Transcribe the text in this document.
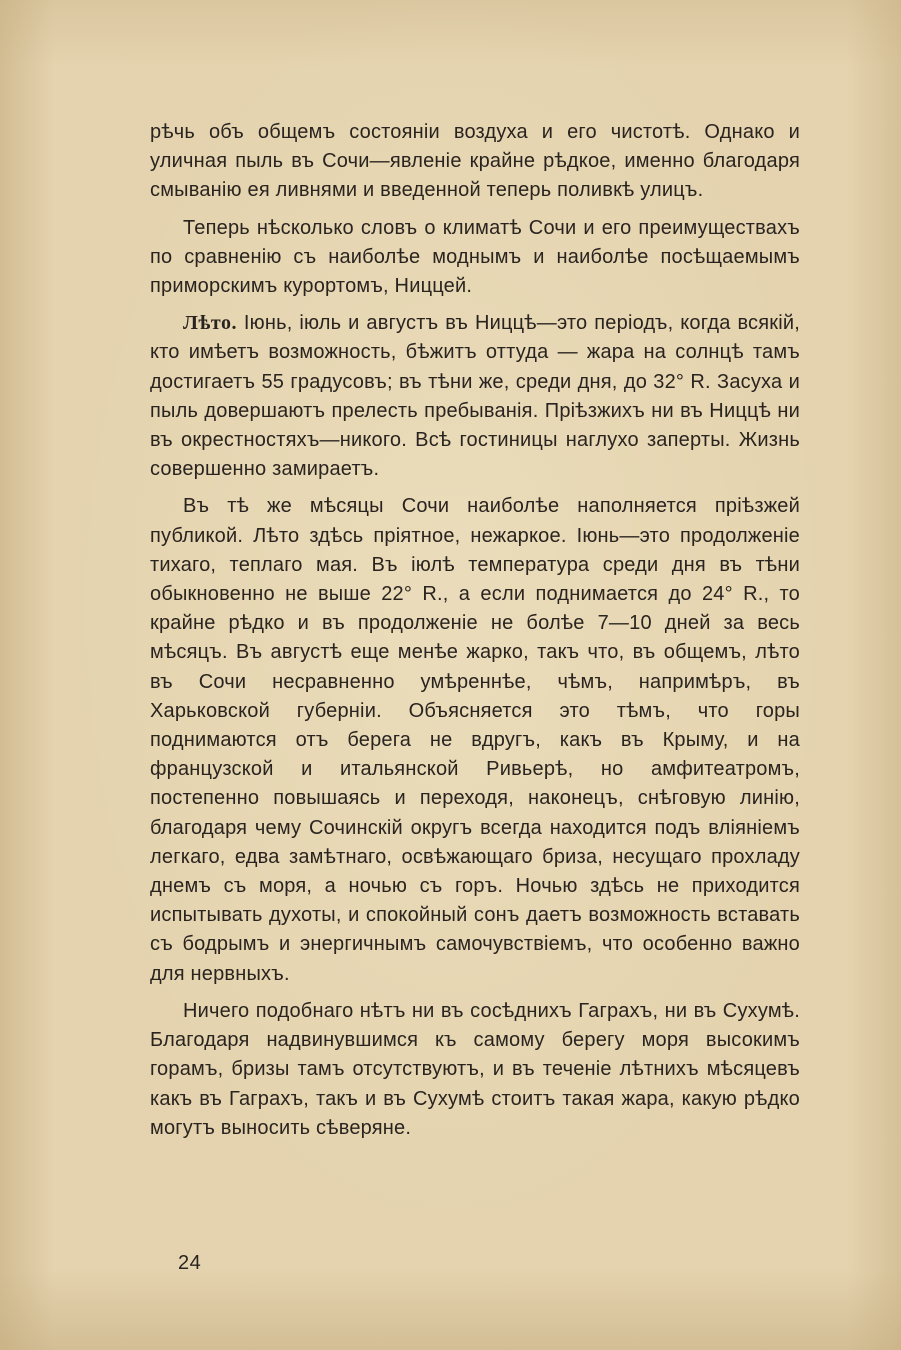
рѣчь объ общемъ состояніи воздуха и его чистотѣ. Однако и уличная пыль въ Сочи—явленіе крайне рѣдкое, именно благодаря смыванію ея ливнями и введенной теперь поливкѣ улицъ.

Теперь нѣсколько словъ о климатѣ Сочи и его преимуществахъ по сравненію съ наиболѣе моднымъ и наиболѣе посѣщаемымъ приморскимъ курортомъ, Ниццей.

Лѣто. Іюнь, іюль и августъ въ Ниццѣ—это періодъ, когда всякій, кто имѣетъ возможность, бѣжитъ оттуда — жара на солнцѣ тамъ достигаетъ 55 градусовъ; въ тѣни же, среди дня, до 32° R. Засуха и пыль довершаютъ прелесть пребыванія. Пріѣзжихъ ни въ Ниццѣ ни въ окрестностяхъ—никого. Всѣ гостиницы наглухо заперты. Жизнь совершенно замираетъ.

Въ тѣ же мѣсяцы Сочи наиболѣе наполняется пріѣзжей публикой. Лѣто здѣсь пріятное, нежаркое. Іюнь—это продолженіе тихаго, теплаго мая. Въ іюлѣ температура среди дня въ тѣни обыкновенно не выше 22° R., а если поднимается до 24° R., то крайне рѣдко и въ продолженіе не болѣе 7—10 дней за весь мѣсяцъ. Въ августѣ еще менѣе жарко, такъ что, въ общемъ, лѣто въ Сочи несравненно умѣреннѣе, чѣмъ, напримѣръ, въ Харьковской губерніи. Объясняется это тѣмъ, что горы поднимаются отъ берега не вдругъ, какъ въ Крыму, и на французской и итальянской Ривьерѣ, но амфитеатромъ, постепенно повышаясь и переходя, наконецъ, снѣговую линію, благодаря чему Сочинскій округъ всегда находится подъ вліяніемъ легкаго, едва замѣтнаго, освѣжающаго бриза, несущаго прохладу днемъ съ моря, а ночью съ горъ. Ночью здѣсь не приходится испытывать духоты, и спокойный сонъ даетъ возможность вставать съ бодрымъ и энергичнымъ самочувствіемъ, что особенно важно для нервныхъ.

Ничего подобнаго нѣтъ ни въ сосѣднихъ Гаграхъ, ни въ Сухумѣ. Благодаря надвинувшимся къ самому берегу моря высокимъ горамъ, бризы тамъ отсутствуютъ, и въ теченіе лѣтнихъ мѣсяцевъ какъ въ Гаграхъ, такъ и въ Сухумѣ стоитъ такая жара, какую рѣдко могутъ выносить сѣверяне.

24
